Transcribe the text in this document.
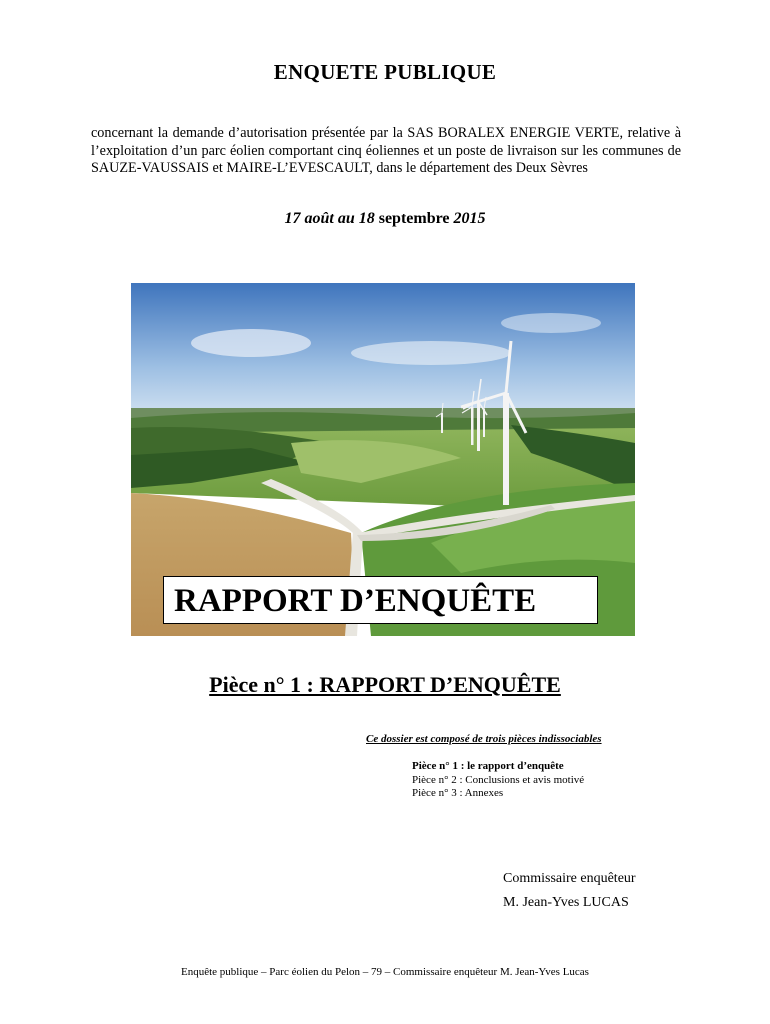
ENQUETE PUBLIQUE
concernant la demande d’autorisation présentée par la SAS BORALEX ENERGIE VERTE, relative à l’exploitation d’un parc éolien comportant cinq éoliennes et un poste de livraison sur les communes de SAUZE-VAUSSAIS et MAIRE-L’EVESCAULT, dans le département des Deux Sèvres
17 août au 18 septembre 2015
RAPPORT D’ENQUÊTE
Pièce n° 1 : RAPPORT D’ENQUÊTE
Ce dossier est composé de trois pièces indissociables
Pièce n° 1 : le rapport d’enquête
Pièce n° 2 : Conclusions et avis motivé
Pièce n° 3 : Annexes
Commissaire enquêteur
M. Jean-Yves LUCAS
Enquête publique – Parc éolien du Pelon – 79 – Commissaire enquêteur M. Jean-Yves Lucas
